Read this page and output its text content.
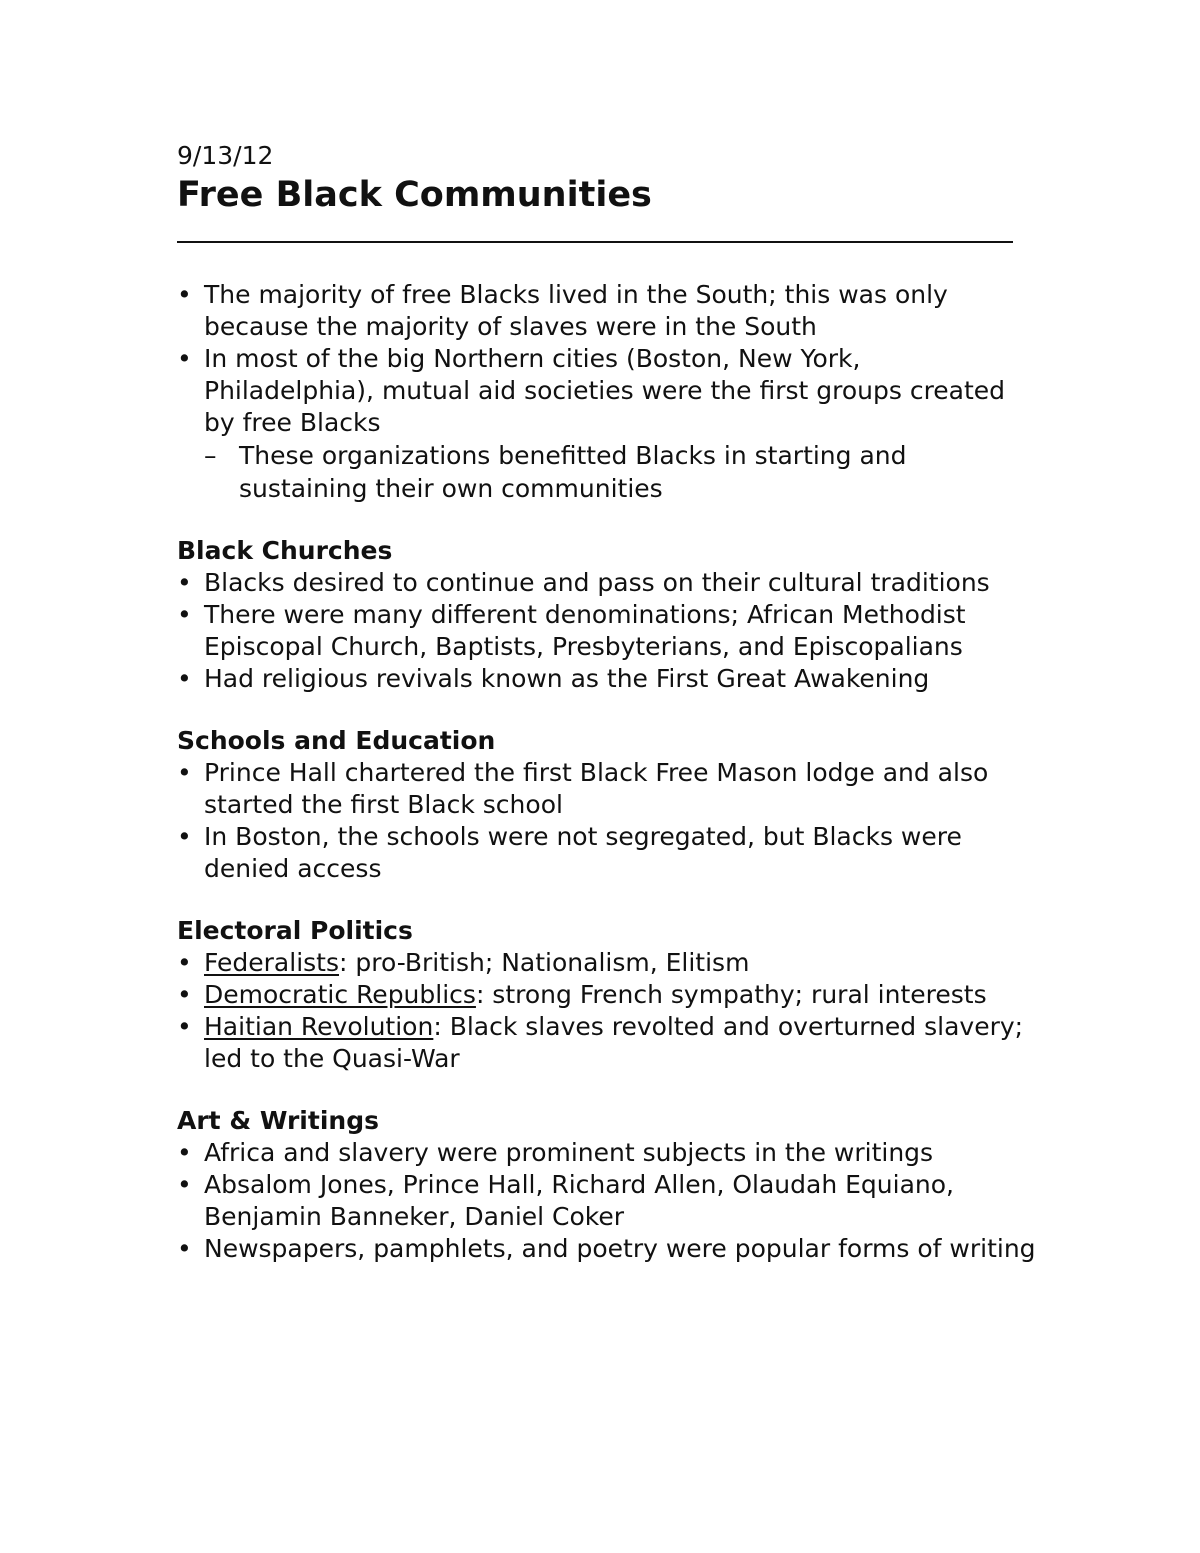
9/13/12

Free Black Communities
• The majority of free Blacks lived in the South; this was only because the majority of slaves were in the South
• In most of the big Northern cities (Boston, New York, Philadelphia), mutual aid societies were the first groups created by free Blacks
– These organizations benefitted Blacks in starting and sustaining their own communities
Black Churches
• Blacks desired to continue and pass on their cultural traditions
• There were many different denominations; African Methodist Episcopal Church, Baptists, Presbyterians, and Episcopalians
• Had religious revivals known as the First Great Awakening
Schools and Education
• Prince Hall chartered the first Black Free Mason lodge and also started the first Black school
• In Boston, the schools were not segregated, but Blacks were denied access
Electoral Politics
• Federalists: pro-British; Nationalism, Elitism
• Democratic Republics: strong French sympathy; rural interests
• Haitian Revolution: Black slaves revolted and overturned slavery; led to the Quasi-War
Art & Writings
• Africa and slavery were prominent subjects in the writings
• Absalom Jones, Prince Hall, Richard Allen, Olaudah Equiano, Benjamin Banneker, Daniel Coker
• Newspapers, pamphlets, and poetry were popular forms of writing
